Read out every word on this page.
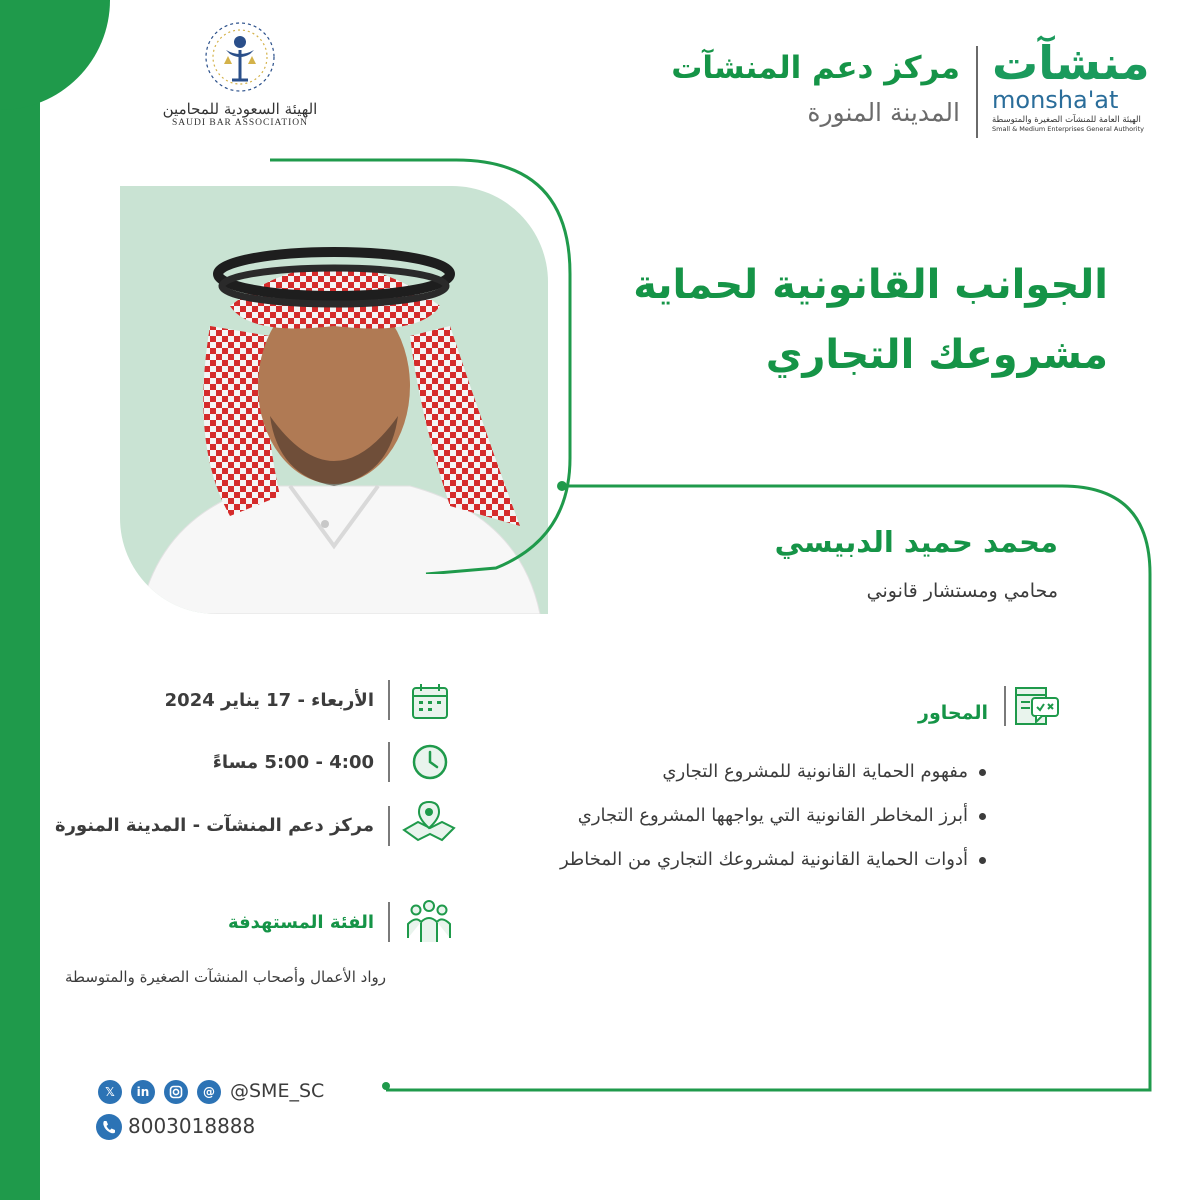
الهيئة السعودية للمحامين
SAUDI BAR ASSOCIATION
مركز دعم المنشآت
المدينة المنورة
منشآت
monsha'at
الهيئة العامة للمنشآت الصغيرة والمتوسطة
Small & Medium Enterprises General Authority
الجوانب القانونية لحماية
مشروعك التجاري
محمد حميد الدبيسي
محامي ومستشار قانوني
الأربعاء - 17 يناير 2024
4:00 - 5:00 مساءً
مركز دعم المنشآت - المدينة المنورة
المحاور
مفهوم الحماية القانونية للمشروع التجاري
أبرز المخاطر القانونية التي يواجهها المشروع التجاري
أدوات الحماية القانونية لمشروعك التجاري من المخاطر
الفئة المستهدفة
رواد الأعمال وأصحاب المنشآت الصغيرة والمتوسطة
𝕏	in	@ @SME_SC
8003018888
